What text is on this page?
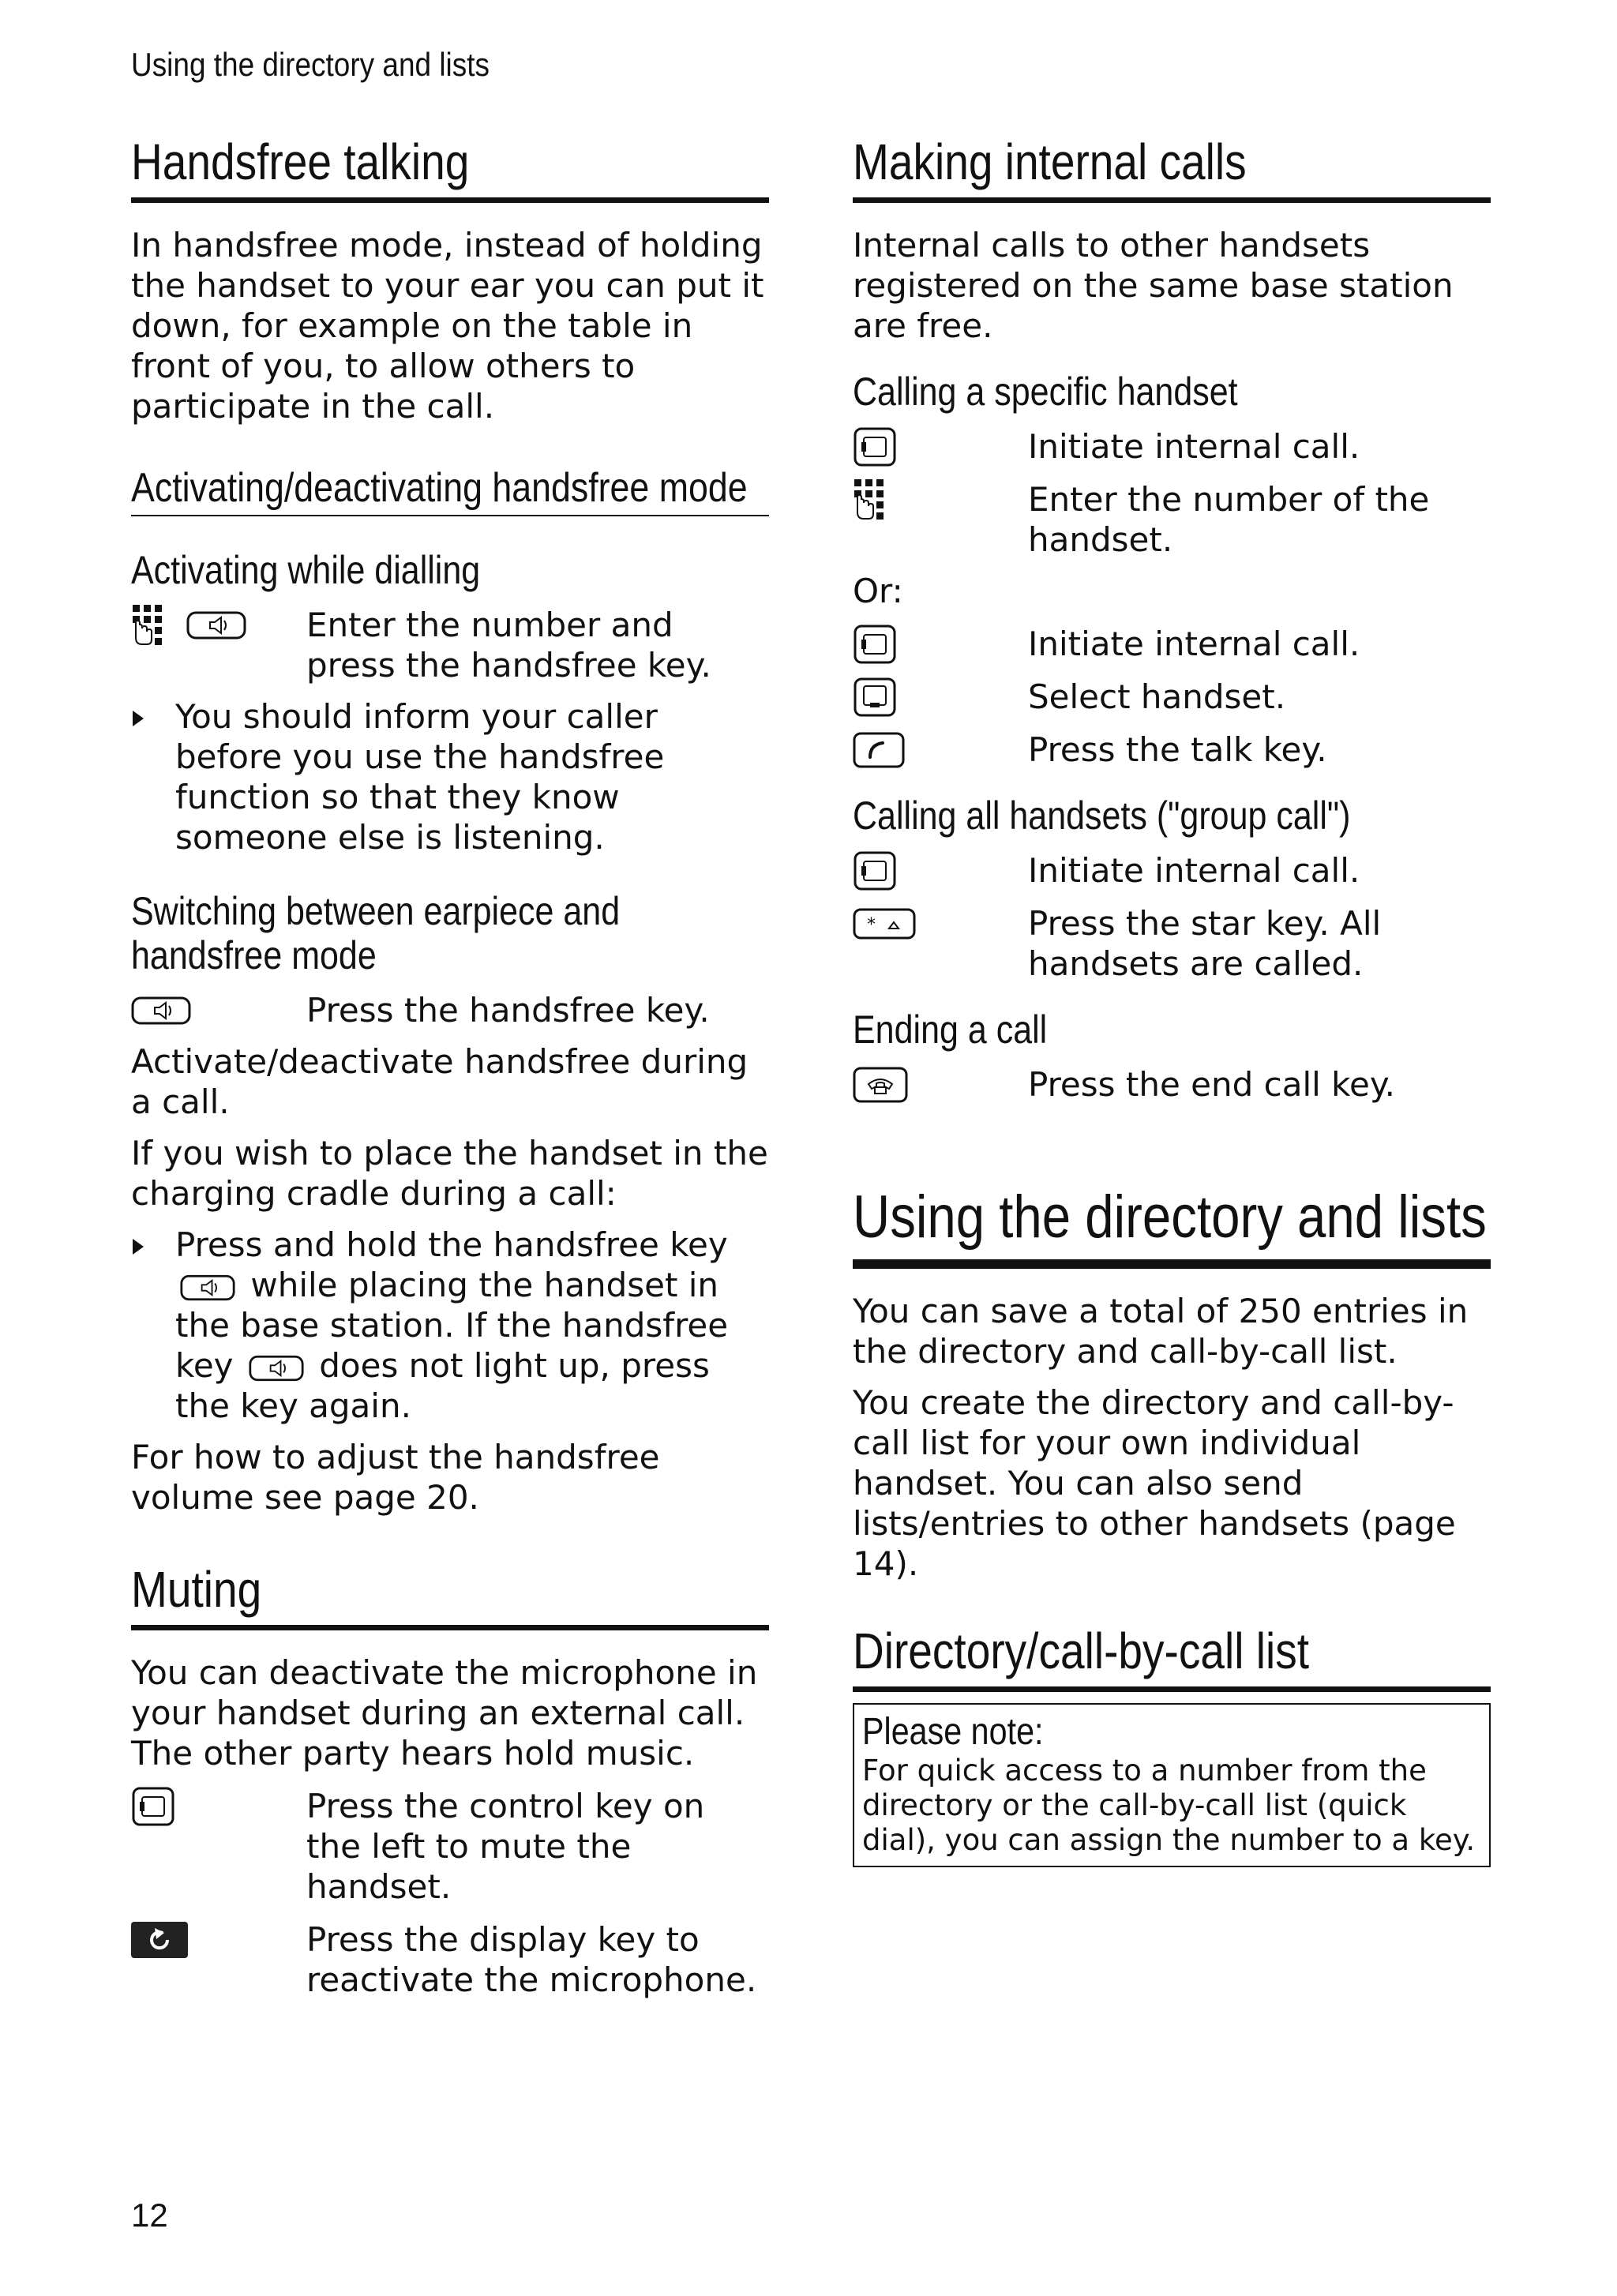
Using the directory and lists
Handsfree talking

In handsfree mode, instead of holding the handset to your ear you can put it down, for example on the table in front of you, to allow others to participate in the call.

Activating/deactivating handsfree mode
Activating while dialling
Enter the number and press the handsfree key.
You should inform your caller before you use the handsfree function so that they know someone else is listening.
Switching between earpiece and handsfree mode
Press the handsfree key.

Activate/deactivate handsfree during a call.

If you wish to place the handset in the charging cradle during a call:

Press and hold the handsfree key
while placing the handset in the base station. If the handsfree key	does not light up, press the key again.

For how to adjust the handsfree volume see page 20.

Muting

You can deactivate the microphone in your handset during an external call. The other party hears hold music.

Press the control key on the left to mute the handset.
Press the display key to reactivate the microphone.
Making internal calls

Internal calls to other handsets registered on the same base station are free.

Calling a specific handset
Initiate internal call.
Enter the number of the handset.

Or:

Initiate internal call.
Select handset.
Press the talk key.
Calling all handsets ("group call")
Initiate internal call.
*	Press the star key. All handsets are called.
Ending a call
Press the end call key.
Using the directory and lists

You can save a total of 250 entries in the directory and call-by-call list.

You create the directory and call-by-call list for your own individual handset. You can also send lists/entries to other handsets (page 14).

Directory/call-by-call list
Please note:
For quick access to a number from the directory or the call-by-call list (quick dial), you can assign the number to a key.
12
